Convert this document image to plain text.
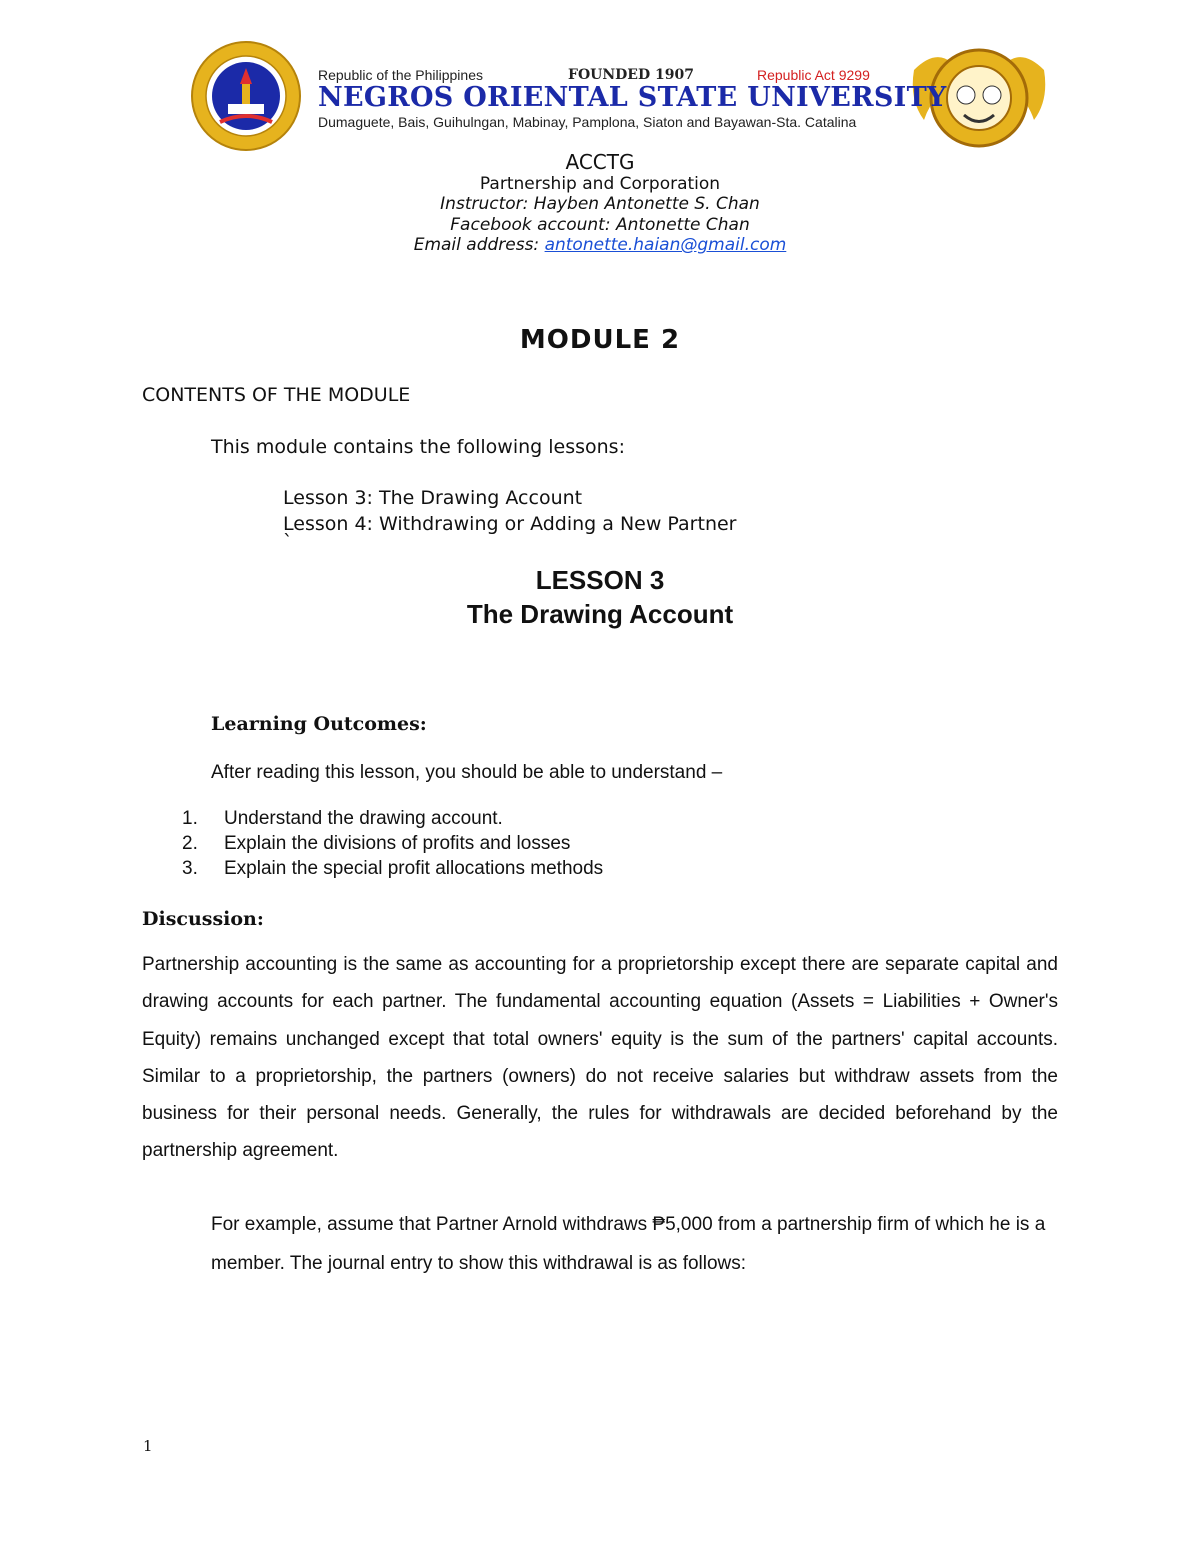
Republic of the Philippines	FOUNDED 1907	Republic Act 9299
NEGROS ORIENTAL STATE UNIVERSITY
Dumaguete, Bais, Guihulngan, Mabinay, Pamplona, Siaton and Bayawan-Sta. Catalina
ACCTG
Partnership and Corporation
Instructor: Hayben Antonette S. Chan
Facebook account: Antonette Chan
Email address: antonette.haian@gmail.com
MODULE 2
CONTENTS OF THE MODULE
This module contains the following lessons:
Lesson 3: The Drawing Account
Lesson 4: Withdrawing or Adding a New Partner
`
LESSON 3
The Drawing Account
Learning Outcomes:
After reading this lesson, you should be able to understand –
1. Understand the drawing account.
2. Explain the divisions of profits and losses
3. Explain the special profit allocations methods
Discussion:
Partnership accounting is the same as accounting for a proprietorship except there are separate capital and drawing accounts for each partner. The fundamental accounting equation (Assets = Liabilities + Owner's Equity) remains unchanged except that total owners' equity is the sum of the partners' capital accounts. Similar to a proprietorship, the partners (owners) do not receive salaries but withdraw assets from the business for their personal needs. Generally, the rules for withdrawals are decided beforehand by the partnership agreement.
For example, assume that Partner Arnold withdraws ₱5,000 from a partnership firm of which he is a member. The journal entry to show this withdrawal is as follows:
1
